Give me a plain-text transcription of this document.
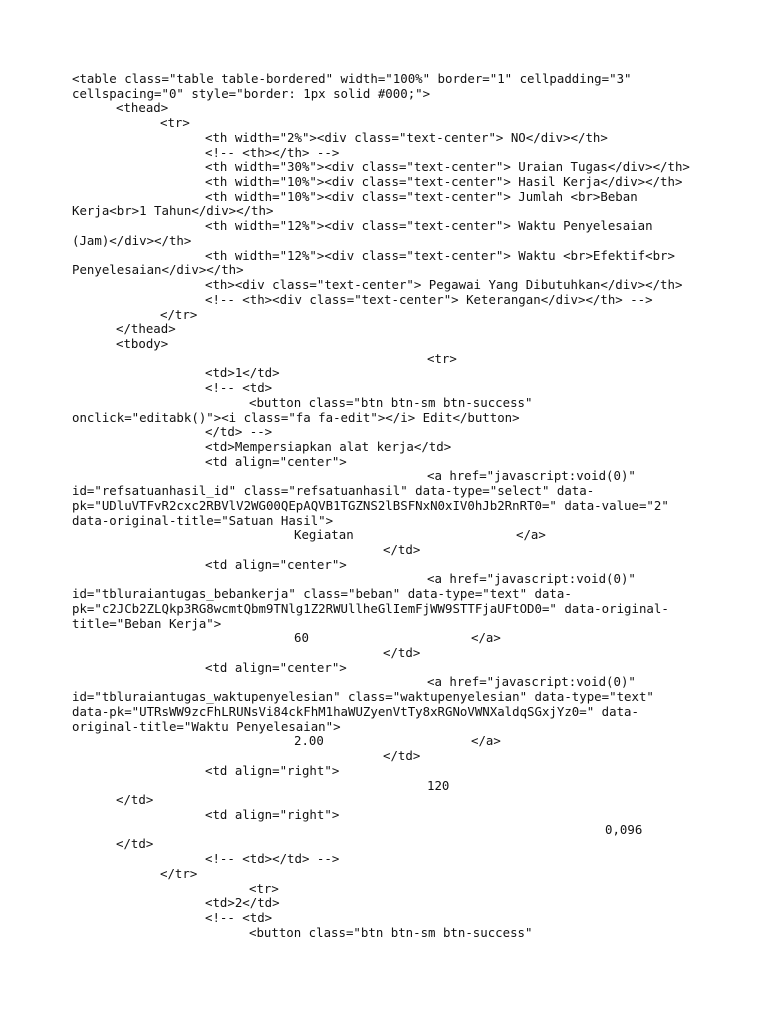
<table class="table table-bordered" width="100%" border="1" cellpadding="3"
cellspacing="0" style="border: 1px solid #000;">
<thead>
<tr>
<th width="2%"><div class="text-center"> NO</div></th>
<!-- <th></th> -->
<th width="30%"><div class="text-center"> Uraian Tugas</div></th>
<th width="10%"><div class="text-center"> Hasil Kerja</div></th>
<th width="10%"><div class="text-center"> Jumlah <br>Beban
Kerja<br>1 Tahun</div></th>
<th width="12%"><div class="text-center"> Waktu Penyelesaian
(Jam)</div></th>
<th width="12%"><div class="text-center"> Waktu <br>Efektif<br>
Penyelesaian</div></th>
<th><div class="text-center"> Pegawai Yang Dibutuhkan</div></th>
<!-- <th><div class="text-center"> Keterangan</div></th> -->
</tr>
</thead>
<tbody>
<tr>
<td>1</td>
<!-- <td>
<button class="btn btn-sm btn-success"
onclick="editabk()"><i class="fa fa-edit"></i> Edit</button>
</td> -->
<td>Mempersiapkan alat kerja</td>
<td align="center">
<a href="javascript:void(0)"
id="refsatuanhasil_id" class="refsatuanhasil" data-type="select" data-
pk="UDluVTFvR2cxc2RBVlV2WG00QEpAQVB1TGZNS2lBSFNxN0xIV0hJb2RnRT0=" data-value="2"
data-original-title="Satuan Hasil">
Kegiatan	</a>
</td>
<td align="center">
<a href="javascript:void(0)"
id="tbluraiantugas_bebankerja" class="beban" data-type="text" data-
pk="c2JCb2ZLQkp3RG8wcmtQbm9TNlg1Z2RWUllheGlIemFjWW9STTFjaUFtOD0=" data-original-
title="Beban Kerja">
60	</a>
</td>
<td align="center">
<a href="javascript:void(0)"
id="tbluraiantugas_waktupenyelesian" class="waktupenyelesian" data-type="text"
data-pk="UTRsWW9zcFhLRUNsVi84ckFhM1haWUZyenVtTy8xRGNoVWNXaldqSGxjYz0=" data-
original-title="Waktu Penyelesaian">
2.00	</a>
</td>
<td align="right">
120
</td>
<td align="right">
0,096
</td>
<!-- <td></td> -->
</tr>
<tr>
<td>2</td>
<!-- <td>
<button class="btn btn-sm btn-success"
